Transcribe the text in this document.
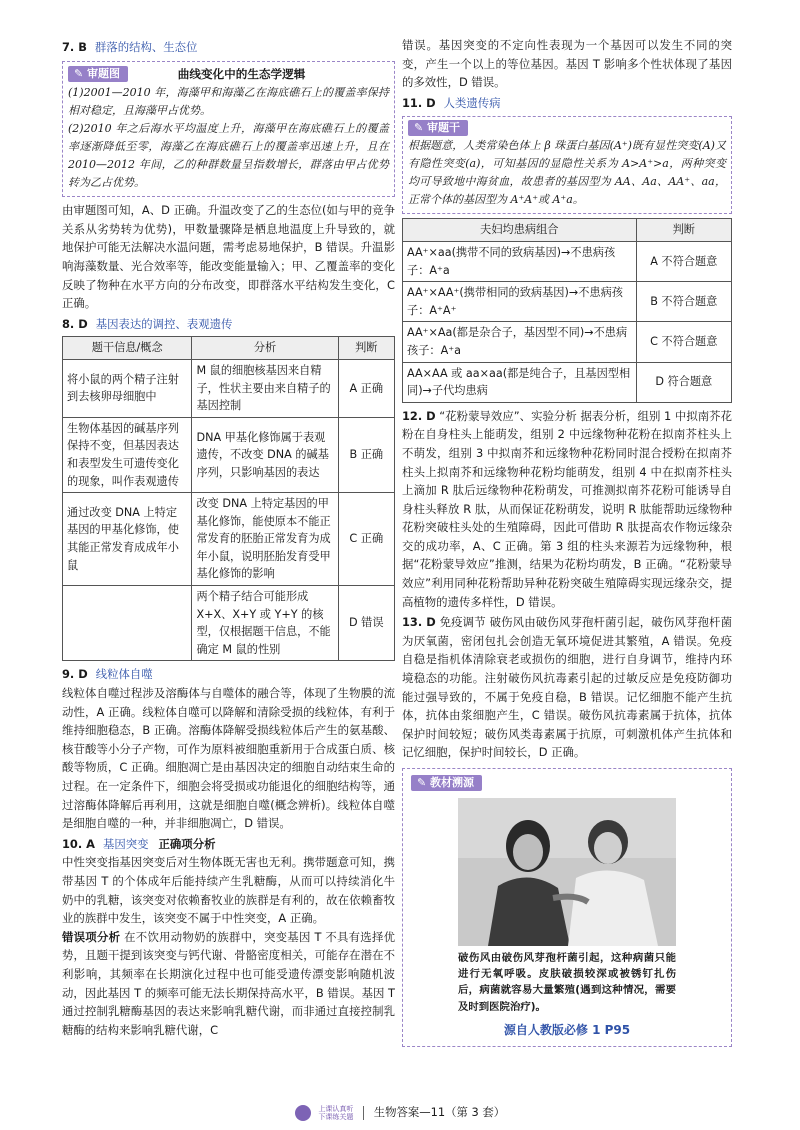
7. B 群落的结构、生态位
✎ 审题图	曲线变化中的生态学逻辑

(1)2001—2010 年，海藻甲和海藻乙在海底礁石上的覆盖率保持相对稳定，且海藻甲占优势。

(2)2010 年之后海水平均温度上升，海藻甲在海底礁石上的覆盖率逐渐降低至零，海藻乙在海底礁石上的覆盖率迅速上升，且在 2010—2012 年间，乙的种群数量呈指数增长，群落由甲占优势转为乙占优势。

由审题图可知，A、D 正确。升温改变了乙的生态位(如与甲的竞争关系从劣势转为优势)，甲数量骤降是栖息地温度上升导致的，就地保护可能无法解决水温问题，需考虑易地保护，B 错误。升温影响海藻数量、光合效率等，能改变能量输入；甲、乙覆盖率的变化反映了物种在水平方向的分布改变，即群落水平结构发生变化，C 正确。

8. D 基因表达的调控、表观遗传
题干信息/概念	分析	判断
将小鼠的两个精子注射到去核卵母细胞中	M 鼠的细胞核基因来自精子，性状主要由来自精子的基因控制	A 正确
生物体基因的碱基序列保持不变，但基因表达和表型发生可遗传变化的现象，叫作表观遗传	DNA 甲基化修饰属于表观遗传，不改变 DNA 的碱基序列，只影响基因的表达	B 正确
通过改变 DNA 上特定基因的甲基化修饰，使其能正常发育成成年小鼠	改变 DNA 上特定基因的甲基化修饰，能使原本不能正常发育的胚胎正常发育为成年小鼠，说明胚胎发育受甲基化修饰的影响	C 正确
	两个精子结合可能形成 X+X、X+Y 或 Y+Y 的核型，仅根据题干信息，不能确定 M 鼠的性别	D 错误
9. D 线粒体自噬

线粒体自噬过程涉及溶酶体与自噬体的融合等，体现了生物膜的流动性，A 正确。线粒体自噬可以降解和清除受损的线粒体，有利于维持细胞稳态，B 正确。溶酶体降解受损线粒体后产生的氨基酸、核苷酸等小分子产物，可作为原料被细胞重新用于合成蛋白质、核酸等物质，C 正确。细胞凋亡是由基因决定的细胞自动结束生命的过程。在一定条件下，细胞会将受损或功能退化的细胞结构等，通过溶酶体降解后再利用，这就是细胞自噬(概念辨析)。线粒体自噬是细胞自噬的一种，并非细胞凋亡，D 错误。

10. A 基因突变 正确项分析

中性突变指基因突变后对生物体既无害也无利。携带题意可知，携带基因 T 的个体成年后能持续产生乳糖酶，从而可以持续消化牛奶中的乳糖，该突变对依赖畜牧业的族群是有利的，故在依赖畜牧业的族群中发生，该突变不属于中性突变，A 正确。

错误项分析 在不饮用动物奶的族群中，突变基因 T 不具有选择优势，且题干提到该突变与钙代谢、骨骼密度相关，可能存在潜在不利影响，其频率在长期演化过程中也可能受遗传漂变影响随机波动，因此基因 T 的频率可能无法长期保持高水平，B 错误。基因 T 通过控制乳糖酶基因的表达来影响乳糖代谢，而非通过直接控制乳糖酶的结构来影响乳糖代谢，C

错误。基因突变的不定向性表现为一个基因可以发生不同的突变，产生一个以上的等位基因。基因 T 影响多个性状体现了基因的多效性，D 错误。

11. D 人类遗传病
✎ 审题干

根据题意，人类常染色体上 β 珠蛋白基因(A⁺)既有显性突变(A)又有隐性突变(a)，可知基因的显隐性关系为 A>A⁺>a，两种突变均可导致地中海贫血，故患者的基因型为 AA、Aa、AA⁺、aa，正常个体的基因型为 A⁺A⁺或 A⁺a。

夫妇均患病组合	判断
AA⁺×aa(携带不同的致病基因)→不患病孩子：A⁺a	A 不符合题意
AA⁺×AA⁺(携带相同的致病基因)→不患病孩子：A⁺A⁺	B 不符合题意
AA⁺×Aa(都是杂合子，基因型不同)→不患病孩子：A⁺a	C 不符合题意
AA×AA 或 aa×aa(都是纯合子，且基因型相同)→子代均患病	D 符合题意

12. D “花粉蒙导效应”、实验分析 据表分析，组别 1 中拟南芥花粉在自身柱头上能萌发，组别 2 中远缘物种花粉在拟南芥柱头上不萌发，组别 3 中拟南芥和远缘物种花粉同时混合授粉在拟南芥柱头上拟南芥和远缘物种花粉均能萌发，组别 4 中在拟南芥柱头上滴加 R 肽后远缘物种花粉萌发，可推测拟南芥花粉可能诱导自身柱头释放 R 肽，从而保证花粉萌发，说明 R 肽能帮助远缘物种花粉突破柱头处的生殖障碍，因此可借助 R 肽提高农作物远缘杂交的成功率，A、C 正确。第 3 组的柱头来源若为远缘物种，根据“花粉蒙导效应”推测，结果为花粉均萌发，B 正确。“花粉蒙导效应”利用同种花粉帮助异种花粉突破生殖障碍实现远缘杂交，提高植物的遗传多样性，D 错误。

13. D 免疫调节 破伤风由破伤风芽孢杆菌引起，破伤风芽孢杆菌为厌氧菌，密闭包扎会创造无氧环境促进其繁殖，A 错误。免疫自稳是指机体清除衰老或损伤的细胞，进行自身调节，维持内环境稳态的功能。注射破伤风抗毒素引起的过敏反应是免疫防御功能过强导致的，不属于免疫自稳，B 错误。记忆细胞不能产生抗体，抗体由浆细胞产生，C 错误。破伤风抗毒素属于抗体，抗体保护时间较短；破伤风类毒素属于抗原，可刺激机体产生抗体和记忆细胞，保护时间较长，D 正确。

✎ 教材溯源
破伤风由破伤风芽孢杆菌引起，这种病菌只能进行无氧呼吸。皮肤破损较深或被锈钉扎伤后，病菌就容易大量繁殖(遇到这种情况，需要及时到医院治疗)。
源自人教版必修 1 P95
上课认真听
下课练关题 生物答案—11（第 3 套）
